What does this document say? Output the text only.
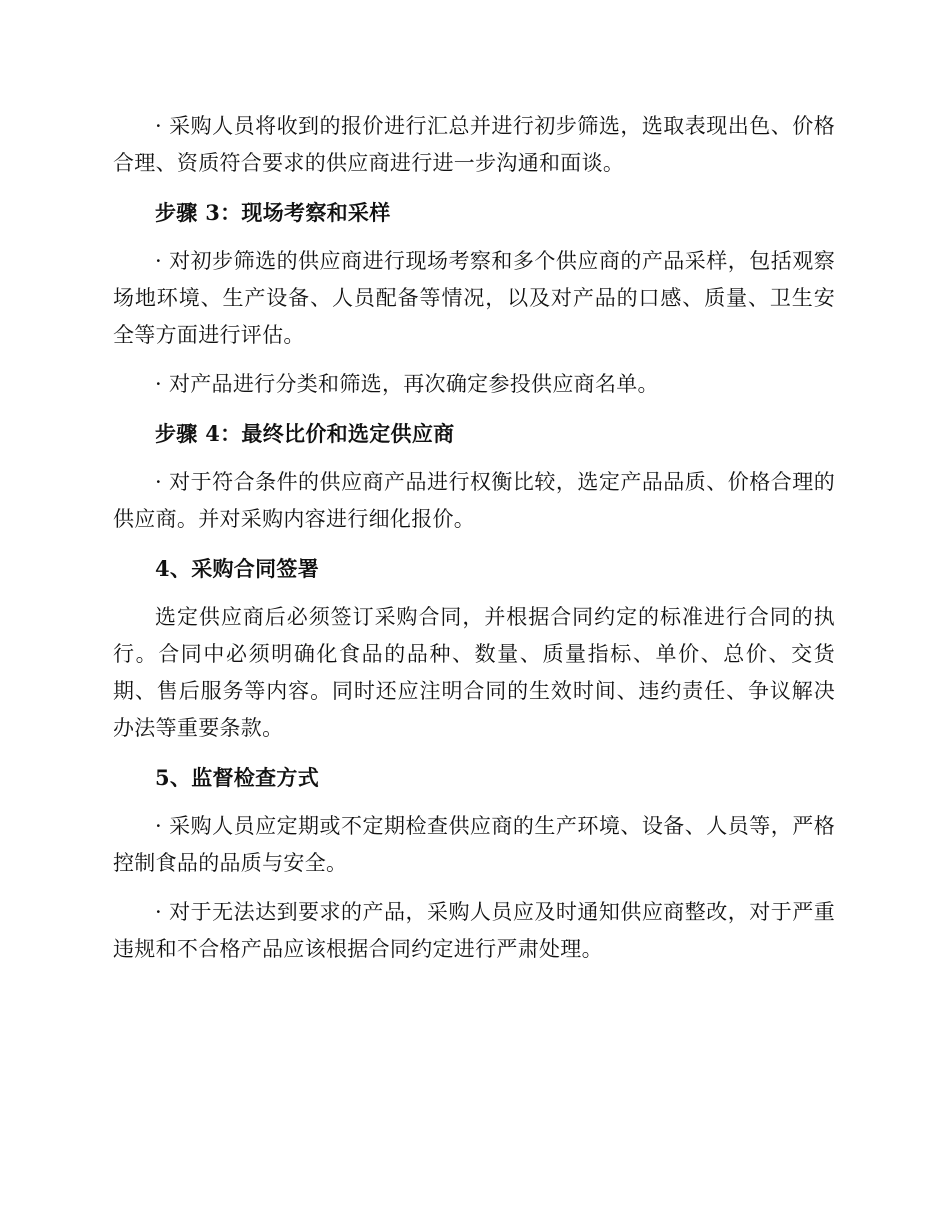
· 采购人员将收到的报价进行汇总并进行初步筛选，选取表现出色、价格合理、资质符合要求的供应商进行进一步沟通和面谈。

步骤 3：现场考察和采样

· 对初步筛选的供应商进行现场考察和多个供应商的产品采样，包括观察场地环境、生产设备、人员配备等情况，以及对产品的口感、质量、卫生安全等方面进行评估。

· 对产品进行分类和筛选，再次确定参投供应商名单。

步骤 4：最终比价和选定供应商

· 对于符合条件的供应商产品进行权衡比较，选定产品品质、价格合理的供应商。并对采购内容进行细化报价。

4、采购合同签署

选定供应商后必须签订采购合同，并根据合同约定的标准进行合同的执行。合同中必须明确化食品的品种、数量、质量指标、单价、总价、交货期、售后服务等内容。同时还应注明合同的生效时间、违约责任、争议解决办法等重要条款。

5、监督检查方式

· 采购人员应定期或不定期检查供应商的生产环境、设备、人员等，严格控制食品的品质与安全。

· 对于无法达到要求的产品，采购人员应及时通知供应商整改，对于严重违规和不合格产品应该根据合同约定进行严肃处理。
